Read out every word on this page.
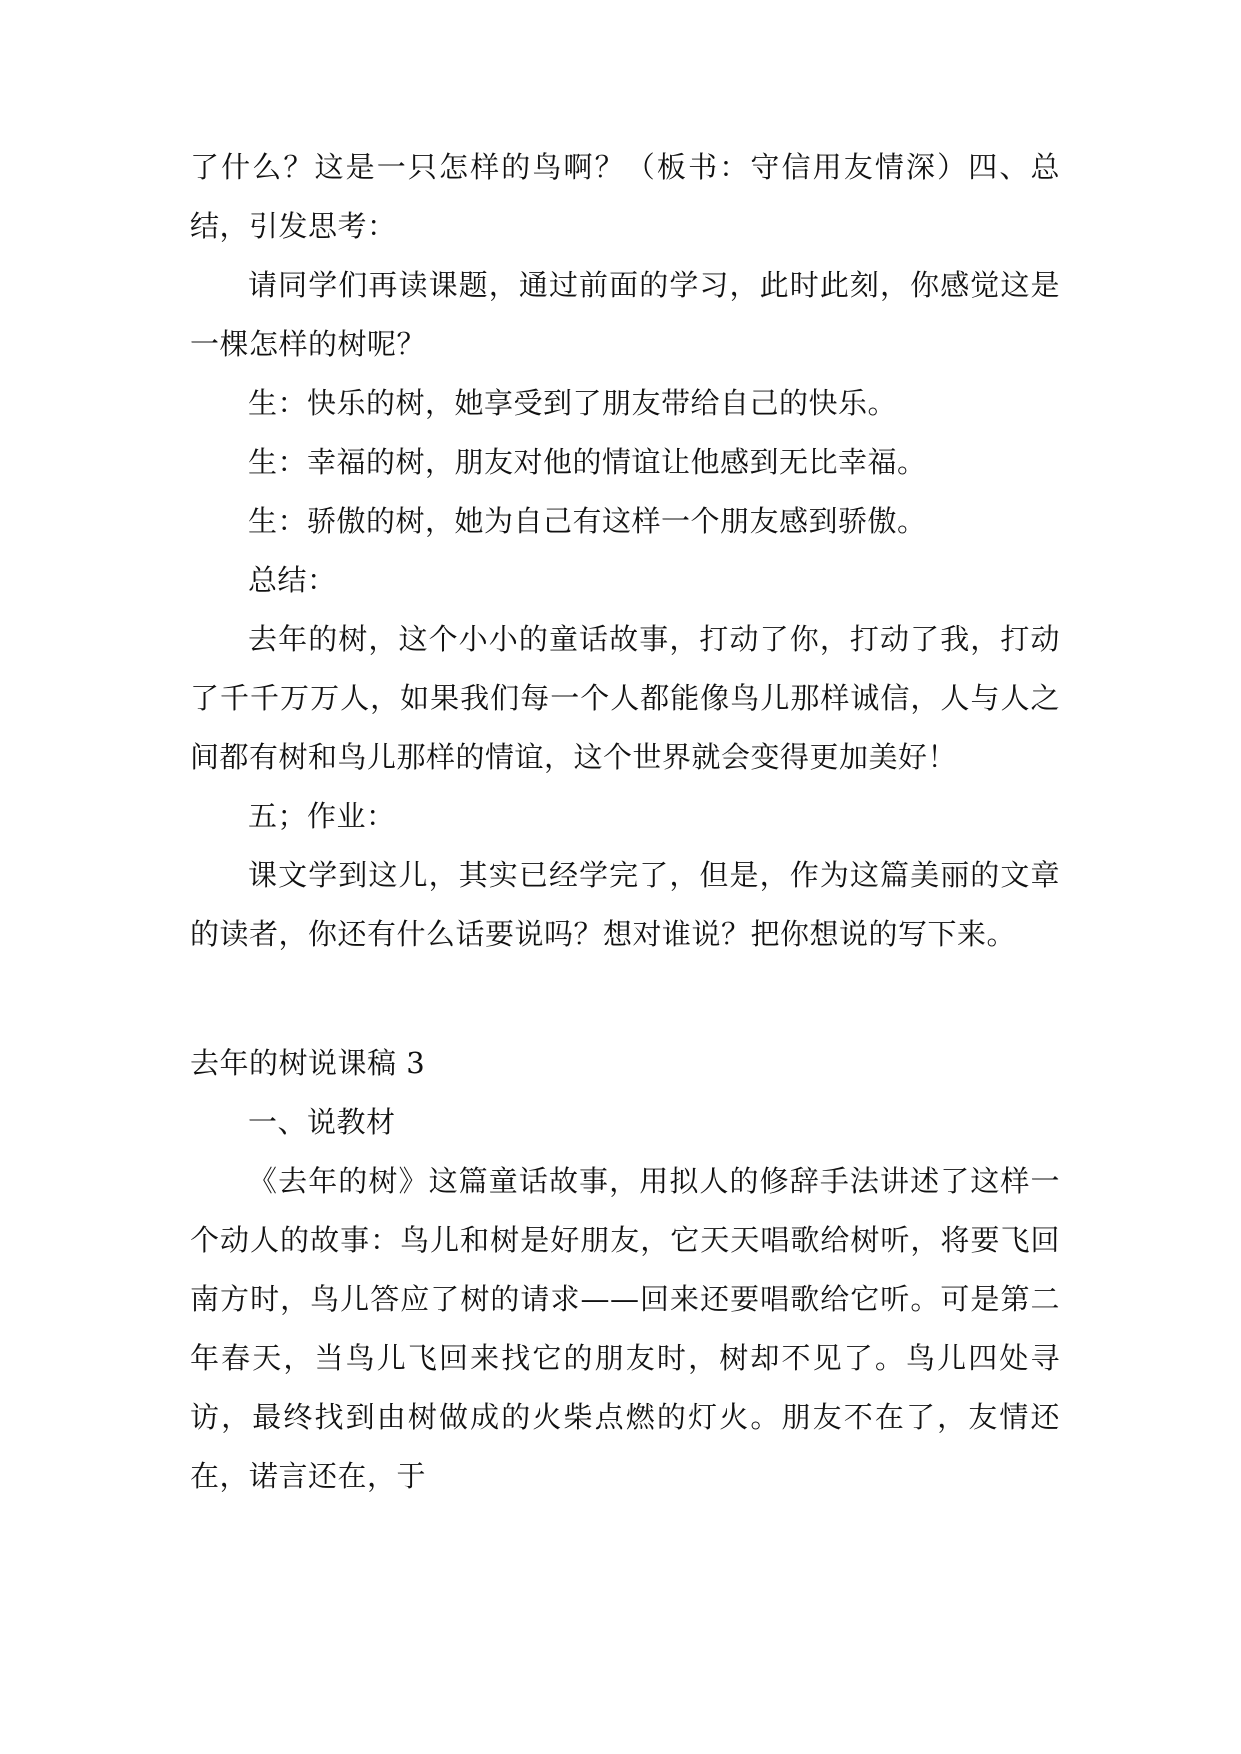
了什么？这是一只怎样的鸟啊？（板书：守信用友情深）四、总结，引发思考：

请同学们再读课题，通过前面的学习，此时此刻，你感觉这是一棵怎样的树呢？

生：快乐的树，她享受到了朋友带给自己的快乐。

生：幸福的树，朋友对他的情谊让他感到无比幸福。

生：骄傲的树，她为自己有这样一个朋友感到骄傲。

总结：

去年的树，这个小小的童话故事，打动了你，打动了我，打动了千千万万人，如果我们每一个人都能像鸟儿那样诚信，人与人之间都有树和鸟儿那样的情谊，这个世界就会变得更加美好！

五；作业：

课文学到这儿，其实已经学完了，但是，作为这篇美丽的文章的读者，你还有什么话要说吗？想对谁说？把你想说的写下来。

去年的树说课稿 3

一、说教材

《去年的树》这篇童话故事，用拟人的修辞手法讲述了这样一个动人的故事：鸟儿和树是好朋友，它天天唱歌给树听，将要飞回南方时，鸟儿答应了树的请求——回来还要唱歌给它听。可是第二年春天，当鸟儿飞回来找它的朋友时，树却不见了。鸟儿四处寻访，最终找到由树做成的火柴点燃的灯火。朋友不在了，友情还在，诺言还在，于
